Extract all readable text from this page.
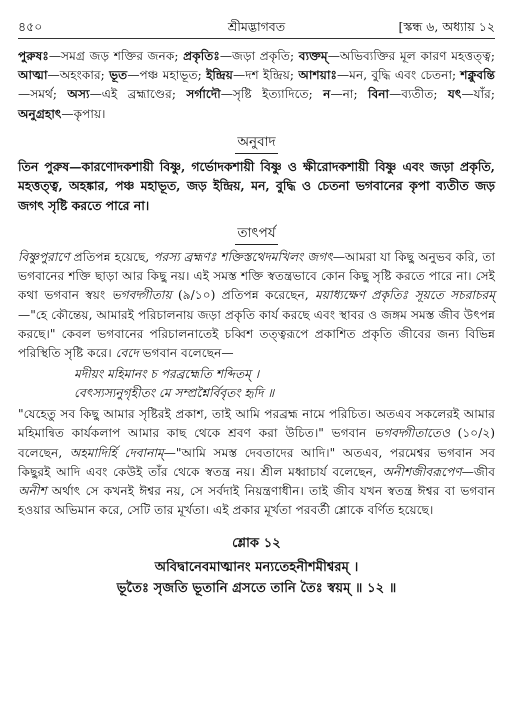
৪৫০	শ্রীমদ্ভাগবত	[স্কন্ধ ৬, অধ্যায় ১২

পুরুষঃ—সমগ্র জড় শক্তির জনক; প্রকৃতিঃ—জড়া প্রকৃতি; ব্যক্তম্—অভিব্যক্তির মূল কারণ মহত্তত্ত্ব; আত্মা—অহংকার; ভূত—পঞ্চ মহাভূত; ইন্দ্রিয়—দশ ইন্দ্রিয়; আশয়াঃ—মন, বুদ্ধি এবং চেতনা; শক্নুবন্তি—সমর্থ; অস্য—এই ব্রহ্মাণ্ডের; সর্গাদৌ—সৃষ্টি ইত্যাদিতে; ন—না; বিনা—ব্যতীত; যৎ—যাঁর; অনুগ্রহাৎ—কৃপায়।

অনুবাদ

তিন পুরুষ—কারণোদকশায়ী বিষ্ণু, গর্ভোদকশায়ী বিষ্ণু ও ক্ষীরোদকশায়ী বিষ্ণু এবং জড়া প্রকৃতি, মহত্তত্ত্ব, অহঙ্কার, পঞ্চ মহাভূত, জড় ইন্দ্রিয়, মন, বুদ্ধি ও চেতনা ভগবানের কৃপা ব্যতীত জড় জগৎ সৃষ্টি করতে পারে না।

তাৎপর্য

বিষ্ণুপুরাণে প্রতিপন্ন হয়েছে, পরস্য ব্রহ্মণঃ শক্তিস্তথেদমখিলং জগৎ—আমরা যা কিছু অনুভব করি, তা ভগবানের শক্তি ছাড়া আর কিছু নয়। এই সমস্ত শক্তি স্বতন্ত্রভাবে কোন কিছু সৃষ্টি করতে পারে না। সেই কথা ভগবান স্বয়ং ভগবদ্গীতায় (৯/১০) প্রতিপন্ন করেছেন, ময়াধ্যক্ষেণ প্রকৃতিঃ সূয়তে সচরাচরম্—"হে কৌন্তেয়, আমারই পরিচালনায় জড়া প্রকৃতি কার্য করছে এবং স্থাবর ও জঙ্গম সমস্ত জীব উৎপন্ন করছে।" কেবল ভগবানের পরিচালনাতেই চব্বিশ তত্ত্বরূপে প্রকাশিত প্রকৃতি জীবের জন্য বিভিন্ন পরিস্থিতি সৃষ্টি করে। বেদে ভগবান বলেছেন—

মদীয়ং মহিমানং চ পরব্রহ্মেতি শব্দিতম্ ।
বেৎস্যস্যনুগৃহীতং মে সম্প্রশ্নৈর্বিবৃতং হৃদি ॥

"যেহেতু সব কিছু আমার সৃষ্টিরই প্রকাশ, তাই আমি পরব্রহ্ম নামে পরিচিত। অতএব সকলেরই আমার মহিমান্বিত কার্যকলাপ আমার কাছ থেকে শ্রবণ করা উচিত।" ভগবান ভগবদ্গীতাতেও (১০/২) বলেছেন, অহমাদির্হি দেবানাম্—"আমি সমস্ত দেবতাদের আদি।" অতএব, পরমেশ্বর ভগবান সব কিছুরই আদি এবং কেউই তাঁর থেকে স্বতন্ত্র নয়। শ্রীল মধ্বাচার্য বলেছেন, অনীশজীবরূপেণ—জীব অনীশ অর্থাৎ সে কখনই ঈশ্বর নয়, সে সর্বদাই নিয়ন্ত্রণাধীন। তাই জীব যখন স্বতন্ত্র ঈশ্বর বা ভগবান হওয়ার অভিমান করে, সেটি তার মূর্খতা। এই প্রকার মূর্খতা পরবর্তী শ্লোকে বর্ণিত হয়েছে।

শ্লোক ১২

অবিদ্বানেবমাত্মানং মন্যতেহনীশমীশ্বরম্ ।

ভূতৈঃ সৃজতি ভূতানি গ্রসতে তানি তৈঃ স্বয়ম্ ॥ ১২ ॥
